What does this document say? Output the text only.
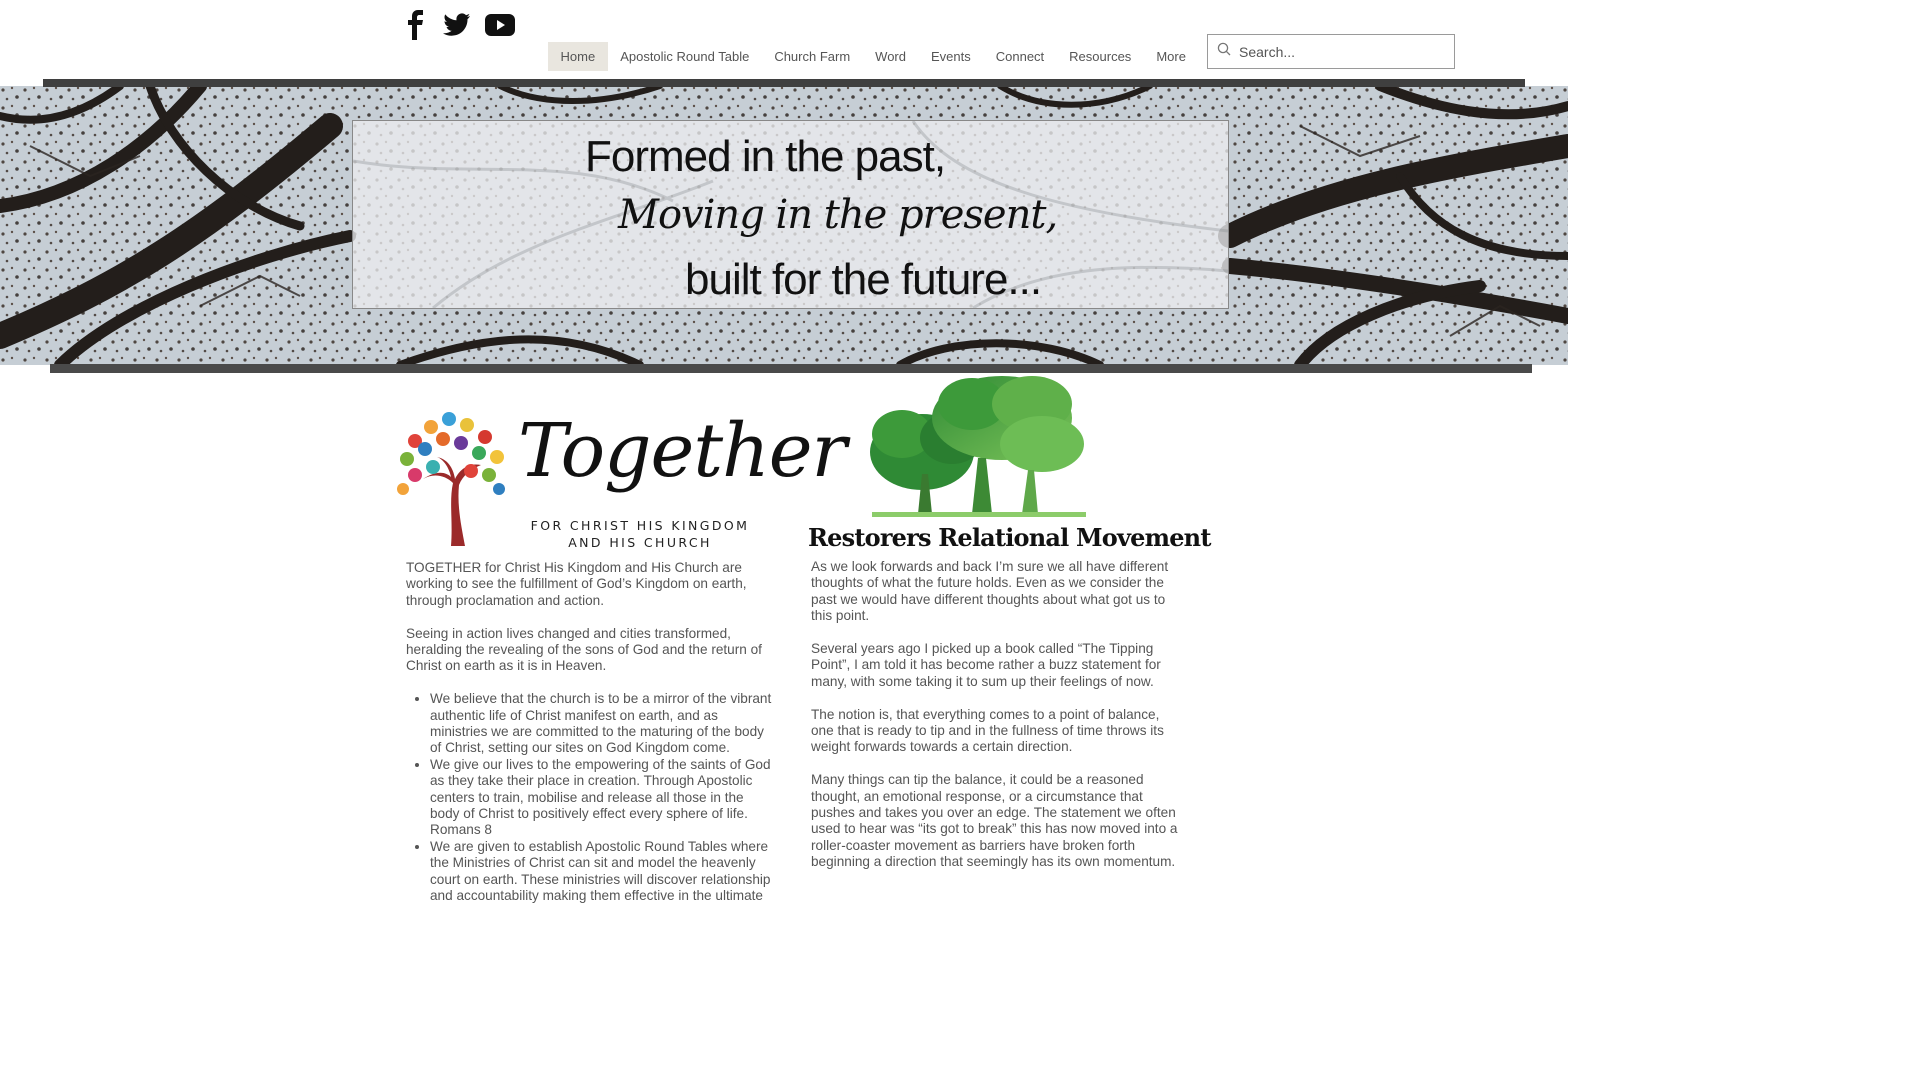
Home	Apostolic Round Table	Church Farm	Word	Events	Connect	Resources	More
Search...
Formed in the past,
Moving in the present,
built for the future...
Together
FOR CHRIST HIS KINGDOM
AND HIS CHURCH	Restorers Relational Movement

TOGETHER for Christ His Kingdom and His Church are working to see the fulfillment of God’s Kingdom on earth, through proclamation and action.

Seeing in action lives changed and cities transformed, heralding the revealing of the sons of God and the return of Christ on earth as it is in Heaven.

• We believe that the church is to be a mirror of the vibrant authentic life of Christ manifest on earth, and as ministries we are committed to the maturing of the body of Christ, setting our sites on God Kingdom come.
• We give our lives to the empowering of the saints of God as they take their place in creation. Through Apostolic centers to train, mobilise and release all those in the body of Christ to positively effect every sphere of life. Romans 8
• We are given to establish Apostolic Round Tables where the Ministries of Christ can sit and model the heavenly court on earth. These ministries will discover relationship and accountability making them effective in the ultimate

As we look forwards and back I’m sure we all have different thoughts of what the future holds. Even as we consider the past we would have different thoughts about what got us to this point.

Several years ago I picked up a book called “The Tipping Point”, I am told it has become rather a buzz statement for many, with some taking it to sum up their feelings of now.

The notion is, that everything comes to a point of balance, one that is ready to tip and in the fullness of time throws its weight forwards towards a certain direction.

Many things can tip the balance, it could be a reasoned thought, an emotional response, or a circumstance that pushes and takes you over an edge. The statement we often used to hear was “its got to break” this has now moved into a roller-coaster movement as barriers have broken forth beginning a direction that seemingly has its own momentum.
